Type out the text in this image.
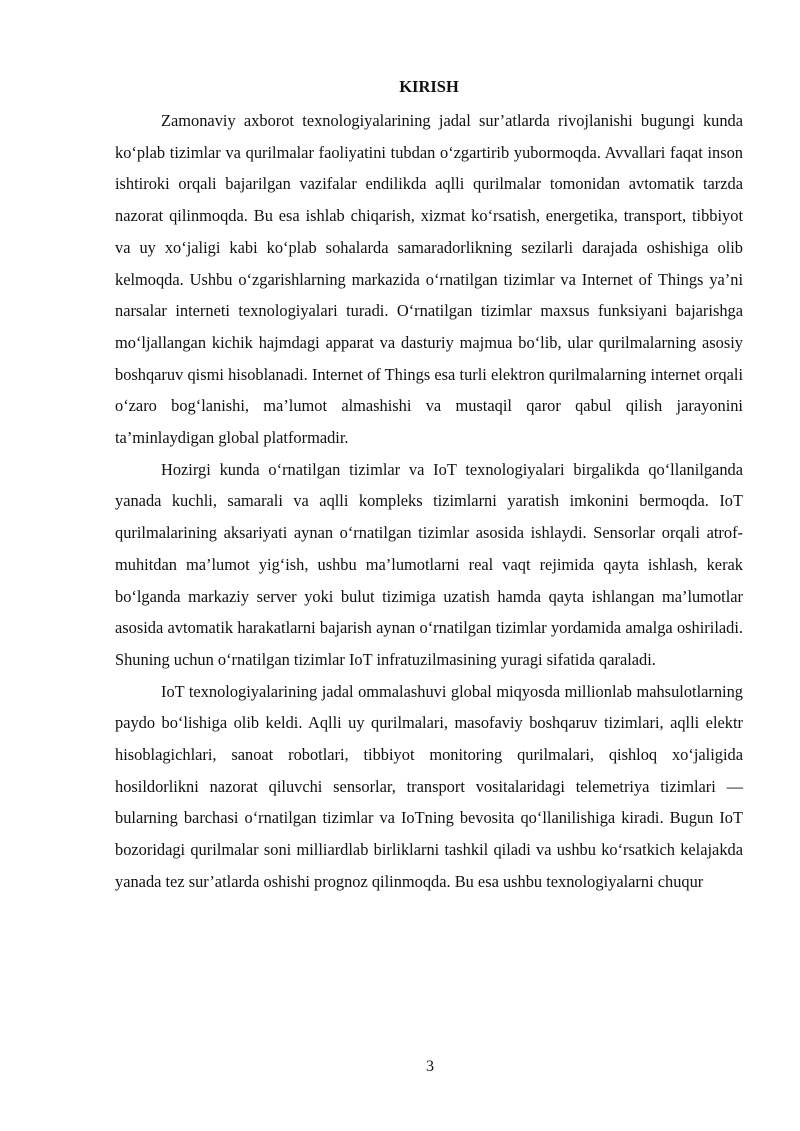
KIRISH

Zamonaviy axborot texnologiyalarining jadal sur’atlarda rivojlanishi bugungi kunda ko‘plab tizimlar va qurilmalar faoliyatini tubdan o‘zgartirib yubormoqda. Avvallari faqat inson ishtiroki orqali bajarilgan vazifalar endilikda aqlli qurilmalar tomonidan avtomatik tarzda nazorat qilinmoqda. Bu esa ishlab chiqarish, xizmat ko‘rsatish, energetika, transport, tibbiyot va uy xo‘jaligi kabi ko‘plab sohalarda samaradorlikning sezilarli darajada oshishiga olib kelmoqda. Ushbu o‘zgarishlarning markazida o‘rnatilgan tizimlar va Internet of Things ya’ni narsalar interneti texnologiyalari turadi. O‘rnatilgan tizimlar maxsus funksiyani bajarishga mo‘ljallangan kichik hajmdagi apparat va dasturiy majmua bo‘lib, ular qurilmalarning asosiy boshqaruv qismi hisoblanadi. Internet of Things esa turli elektron qurilmalarning internet orqali o‘zaro bog‘lanishi, ma’lumot almashishi va mustaqil qaror qabul qilish jarayonini ta’minlaydigan global platformadir.

Hozirgi kunda o‘rnatilgan tizimlar va IoT texnologiyalari birgalikda qo‘llanilganda yanada kuchli, samarali va aqlli kompleks tizimlarni yaratish imkonini bermoqda. IoT qurilmalarining aksariyati aynan o‘rnatilgan tizimlar asosida ishlaydi. Sensorlar orqali atrof-muhitdan ma’lumot yig‘ish, ushbu ma’lumotlarni real vaqt rejimida qayta ishlash, kerak bo‘lganda markaziy server yoki bulut tizimiga uzatish hamda qayta ishlangan ma’lumotlar asosida avtomatik harakatlarni bajarish aynan o‘rnatilgan tizimlar yordamida amalga oshiriladi. Shuning uchun o‘rnatilgan tizimlar IoT infratuzilmasining yuragi sifatida qaraladi.

IoT texnologiyalarining jadal ommalashuvi global miqyosda millionlab mahsulotlarning paydo bo‘lishiga olib keldi. Aqlli uy qurilmalari, masofaviy boshqaruv tizimlari, aqlli elektr hisoblagichlari, sanoat robotlari, tibbiyot monitoring qurilmalari, qishloq xo‘jaligida hosildorlikni nazorat qiluvchi sensorlar, transport vositalaridagi telemetriya tizimlari — bularning barchasi o‘rnatilgan tizimlar va IoTning bevosita qo‘llanilishiga kiradi. Bugun IoT bozoridagi qurilmalar soni milliardlab birliklarni tashkil qiladi va ushbu ko‘rsatkich kelajakda yanada tez sur’atlarda oshishi prognoz qilinmoqda. Bu esa ushbu texnologiyalarni chuqur

3
